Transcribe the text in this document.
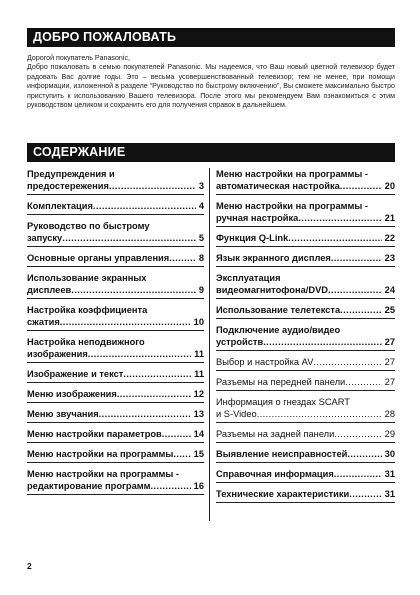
ДОБРО ПОЖАЛОВАТЬ

Дорогой покупатель Panasonic,

Добро пожаловать в семью покупателей Panasonic. Мы надеемся, что Ваш новый цветной телевизор будет радовать Вас долгие годы. Это – весьма усовершенствованный телевизор; тем не менее, при помощи информации, изложенной в разделе “Руководство по быстрому включению”, Вы сможете максимально быстро приступить к использованию Вашего телевизора. После этого мы рекомендуем Вам ознакомиться с этим руководством целиком и сохранить его для получения справок в дальнейшем.

СОДЕРЖАНИЕ
Предупреждения и
предостережения .....	3
Комплектация .....	4
Руководство по быстрому
запуску .....	5
Основные органы управления .....	8
Использование экранных
дисплеев .....	9
Настройка коэффициента
сжатия .....	10
Настройка неподвижного
изображения .....	11
Изображение и текст .....	11
Меню изображения .....	12
Меню звучания .....	13
Меню настройки параметров .....	14
Меню настройки на программы .....	15
Меню настройки на программы -
редактирование программ .....	16
Меню настройки на программы -
автоматическая настройка .....	20
Меню настройки на программы -
ручная настройка .....	21
Функция Q-Link .....	22
Язык экранного дисплея .....	23
Эксплуатация
видеомагнитофона/DVD .....	24
Использование телетекста .....	25
Подключение аудио/видео
устройств .....	27
Выбор и настройка AV .....	27
Разъемы на передней панели .....	27
Информация о гнездах SCART
и S-Video .....	28
Разъемы на задней панели .....	29
Выявление неисправностей .....	30
Справочная информация .....	31
Технические характеристики .....	31
2
